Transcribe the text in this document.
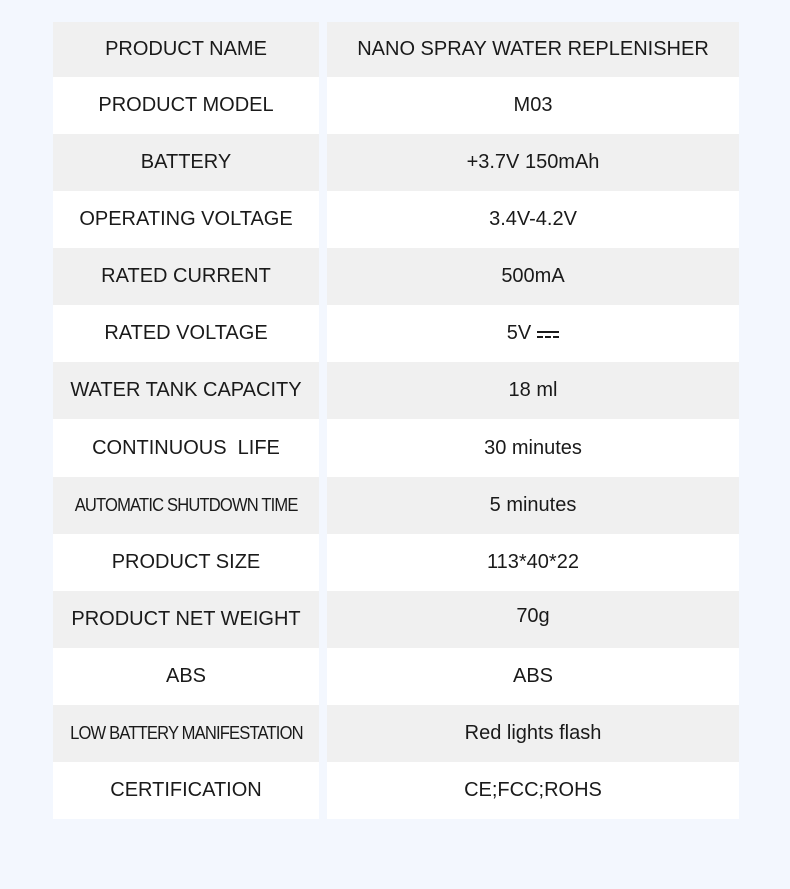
PRODUCT NAME	NANO SPRAY WATER REPLENISHER
PRODUCT MODEL	M03
BATTERY	+3.7V 150mAh
OPERATING VOLTAGE	3.4V-4.2V
RATED CURRENT	500mA
RATED VOLTAGE	5V
WATER TANK CAPACITY	18 ml
CONTINUOUS  LIFE	30 minutes
AUTOMATIC SHUTDOWN TIME	5 minutes
PRODUCT SIZE	113*40*22
PRODUCT NET WEIGHT	70g
ABS	ABS
LOW BATTERY MANIFESTATION	Red lights flash
CERTIFICATION	CE;FCC;ROHS
